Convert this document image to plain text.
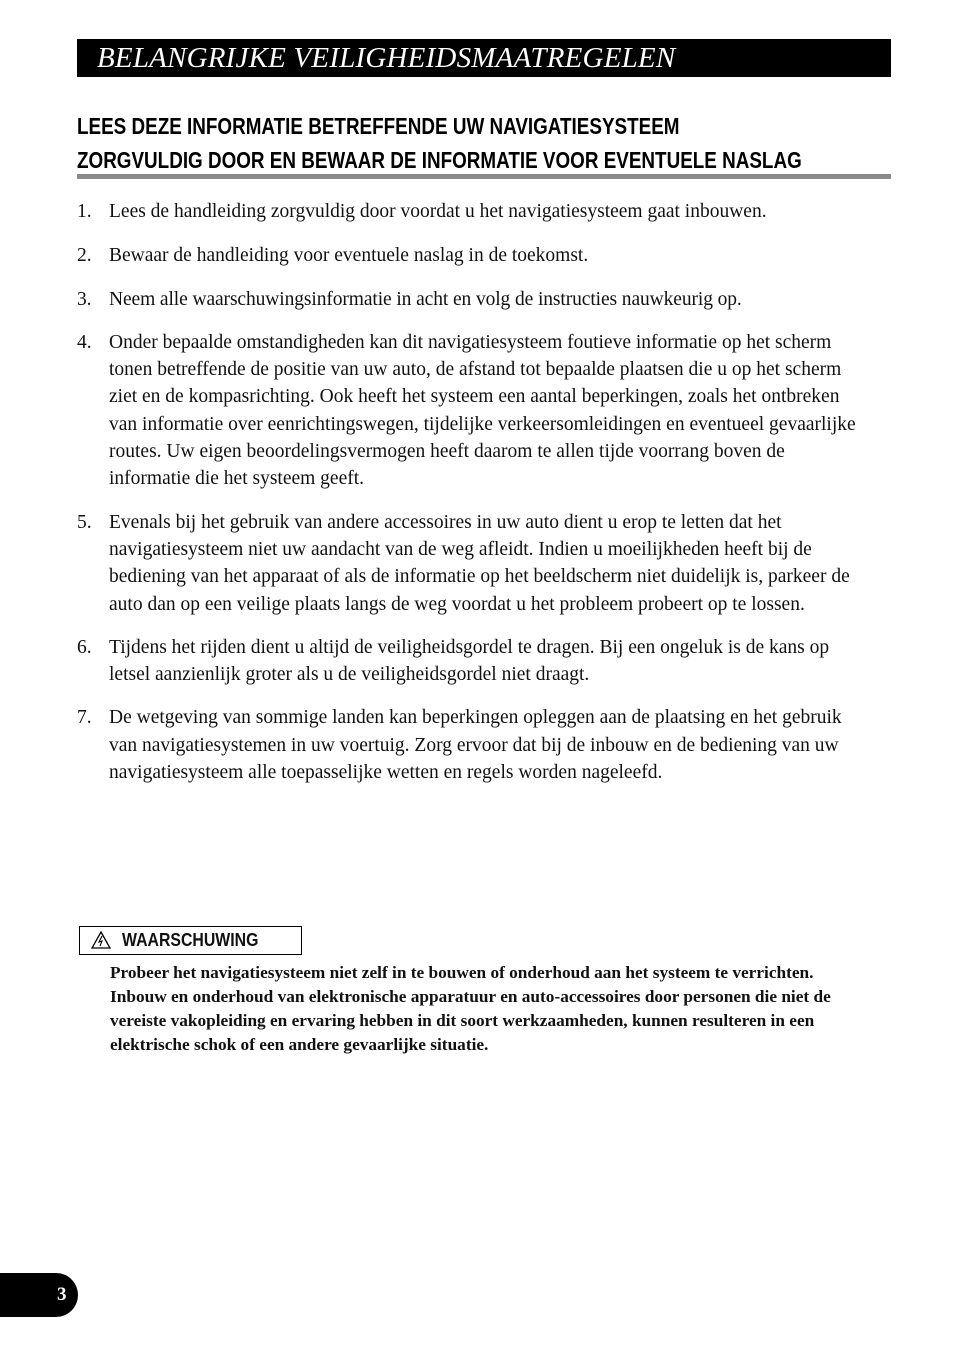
BELANGRIJKE VEILIGHEIDSMAATREGELEN
LEES DEZE INFORMATIE BETREFFENDE UW NAVIGATIESYSTEEM
ZORGVULDIG DOOR EN BEWAAR DE INFORMATIE VOOR EVENTUELE NASLAG
1. Lees de handleiding zorgvuldig door voordat u het navigatiesysteem gaat inbouwen.
2. Bewaar de handleiding voor eventuele naslag in de toekomst.
3. Neem alle waarschuwingsinformatie in acht en volg de instructies nauwkeurig op.
4. Onder bepaalde omstandigheden kan dit navigatiesysteem foutieve informatie op het scherm tonen betreffende de positie van uw auto, de afstand tot bepaalde plaatsen die u op het scherm ziet en de kompasrichting. Ook heeft het systeem een aantal beperkingen, zoals het ontbreken van informatie over eenrichtingswegen, tijdelijke verkeersomleidingen en eventueel gevaarlijke routes. Uw eigen beoordelingsvermogen heeft daarom te allen tijde voorrang boven de informatie die het systeem geeft.
5. Evenals bij het gebruik van andere accessoires in uw auto dient u erop te letten dat het navigatiesysteem niet uw aandacht van de weg afleidt. Indien u moeilijkheden heeft bij de bediening van het apparaat of als de informatie op het beeldscherm niet duidelijk is, parkeer de auto dan op een veilige plaats langs de weg voordat u het probleem probeert op te lossen.
6. Tijdens het rijden dient u altijd de veiligheidsgordel te dragen. Bij een ongeluk is de kans op letsel aanzienlijk groter als u de veiligheidsgordel niet draagt.
7. De wetgeving van sommige landen kan beperkingen opleggen aan de plaatsing en het gebruik van navigatiesystemen in uw voertuig. Zorg ervoor dat bij de inbouw en de bediening van uw navigatiesysteem alle toepasselijke wetten en regels worden nageleefd.
WAARSCHUWING

Probeer het navigatiesysteem niet zelf in te bouwen of onderhoud aan het systeem te verrichten. Inbouw en onderhoud van elektronische apparatuur en auto-accessoires door personen die niet de vereiste vakopleiding en ervaring hebben in dit soort werkzaamheden, kunnen resulteren in een elektrische schok of een andere gevaarlijke situatie.

3
